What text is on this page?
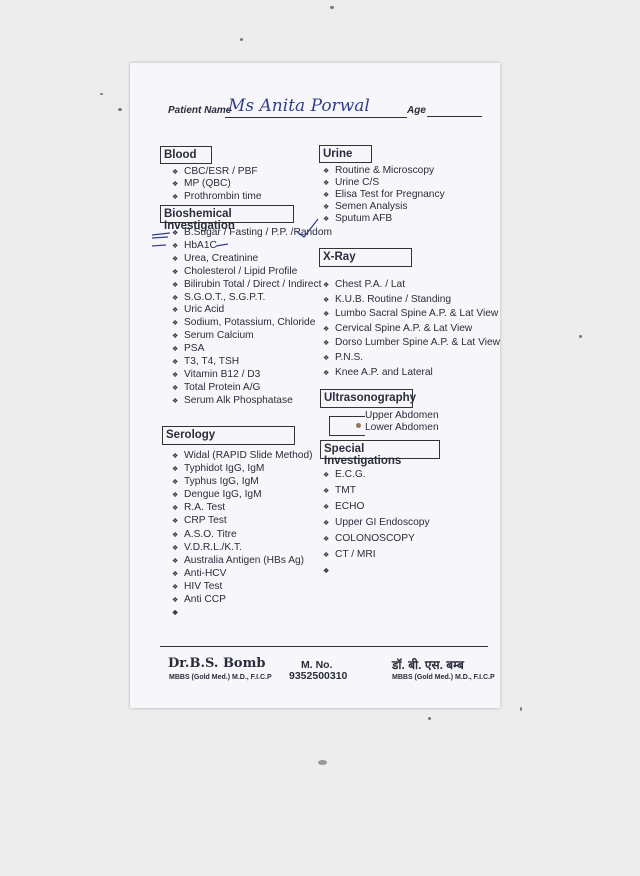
Patient Name
Ms Anita Porwal	Age
Blood
❖ CBC/ESR / PBF
❖ MP (QBC)
❖ Prothrombin time
Bioshemical Investigation
❖ B.Sugar / Fasting / P.P. /Random
❖ HbA1C
❖ Urea, Creatinine
❖ Cholesterol / Lipid Profile
❖ Bilirubin Total / Direct / Indirect
❖ S.G.O.T., S.G.P.T.
❖ Uric Acid
❖ Sodium, Potassium, Chloride
❖ Serum Calcium
❖ PSA
❖ T3, T4, TSH
❖ Vitamin B12 / D3
❖ Total Protein A/G
❖ Serum Alk Phosphatase
Serology
❖ Widal (RAPID Slide Method)
❖ Typhidot IgG, IgM
❖ Typhus IgG, IgM
❖ Dengue IgG, IgM
❖ R.A. Test
❖ CRP Test
❖ A.S.O. Titre
❖ V.D.R.L./K.T.
❖ Australia Antigen (HBs Ag)
❖ Anti-HCV
❖ HIV Test
❖ Anti CCP
Urine
❖ Routine & Microscopy
❖ Urine C/S
❖ Elisa Test for Pregnancy
❖ Semen Analysis
❖ Sputum AFB
X-Ray
❖ Chest P.A. / Lat
❖ K.U.B. Routine / Standing
❖ Lumbo Sacral Spine A.P. & Lat View
❖ Cervical Spine A.P. & Lat View
❖ Dorso Lumber Spine A.P. & Lat View
❖ P.N.S.
❖ Knee A.P. and Lateral
Ultrasonography
Upper Abdomen
Lower Abdomen
Special Investigations
❖ E.C.G.
❖ TMT
❖ ECHO
❖ Upper GI Endoscopy
❖ COLONOSCOPY
❖ CT / MRI
Dr.B.S. Bomb
MBBS (Gold Med.) M.D., F.I.C.P
M. No.
9352500310
डॉ. बी. एस. बम्ब
MBBS (Gold Med.) M.D., F.I.C.P
